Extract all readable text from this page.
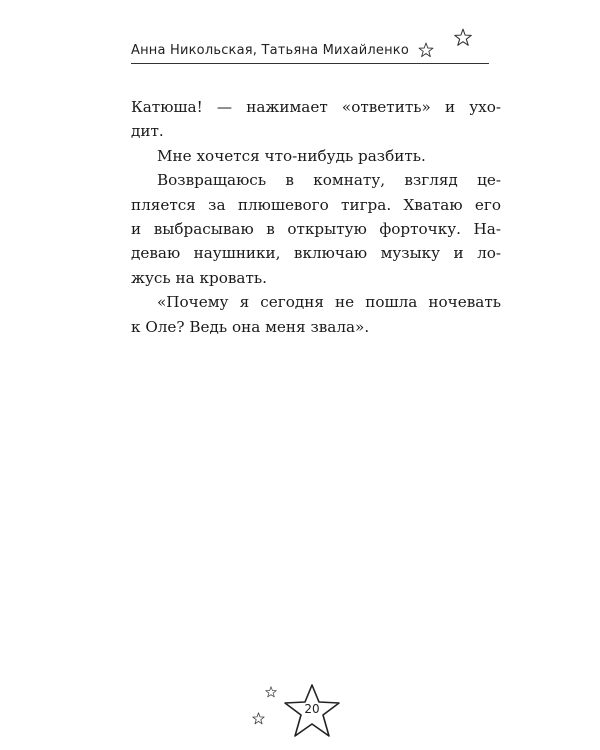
Анна Никольская, Татьяна Михайленко

Катюша! — нажимает «ответить» и ухо-
дит.

Мне хочется что-нибудь разбить.

Возвращаюсь в комнату, взгляд це-
пляется за плюшевого тигра. Хватаю его
и выбрасываю в открытую форточку. На-
деваю наушники, включаю музыку и ло-
жусь на кровать.

«Почему я сегодня не пошла ночевать
к Оле? Ведь она меня звала».

20
